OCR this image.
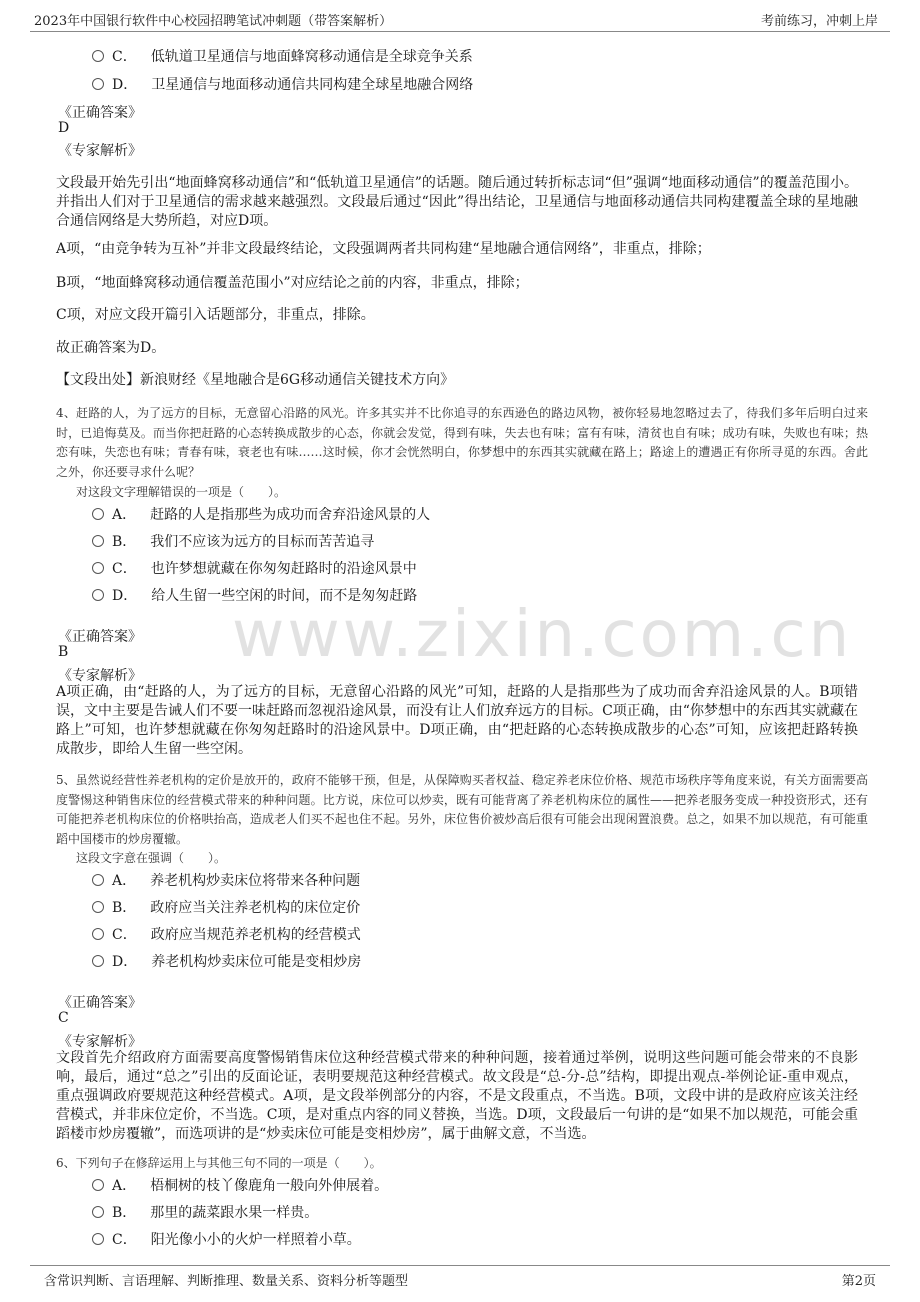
2023年中国银行软件中心校园招聘笔试冲刺题（带答案解析）	考前练习，冲刺上岸
www.zixin.com.cn
C． 低轨道卫星通信与地面蜂窝移动通信是全球竞争关系
D． 卫星通信与地面移动通信共同构建全球星地融合网络
《正确答案》
D
《专家解析》
文段最开始先引出“地面蜂窝移动通信”和“低轨道卫星通信”的话题。随后通过转折标志词“但”强调“地面移动通信”的覆盖范围小。并指出人们对于卫星通信的需求越来越强烈。文段最后通过“因此”得出结论，卫星通信与地面移动通信共同构建覆盖全球的星地融合通信网络是大势所趋，对应D项。
A项，“由竞争转为互补”并非文段最终结论，文段强调两者共同构建“星地融合通信网络”，非重点，排除；
B项，“地面蜂窝移动通信覆盖范围小”对应结论之前的内容，非重点，排除；
C项，对应文段开篇引入话题部分，非重点，排除。
故正确答案为D。
【文段出处】新浪财经《星地融合是6G移动通信关键技术方向》
4、赶路的人，为了远方的目标，无意留心沿路的风光。许多其实并不比你追寻的东西逊色的路边风物，被你轻易地忽略过去了，待我们多年后明白过来时，已追悔莫及。而当你把赶路的心态转换成散步的心态，你就会发觉，得到有味，失去也有味；富有有味，清贫也自有味；成功有味，失败也有味；热恋有味，失恋也有味；青春有味，衰老也有味……这时候，你才会恍然明白，你梦想中的东西其实就藏在路上；路途上的遭遇正有你所寻觅的东西。舍此之外，你还要寻求什么呢？
对这段文字理解错误的一项是（　　）。
A． 赶路的人是指那些为成功而舍弃沿途风景的人
B． 我们不应该为远方的目标而苦苦追寻
C． 也许梦想就藏在你匆匆赶路时的沿途风景中
D． 给人生留一些空闲的时间，而不是匆匆赶路
《正确答案》
B
《专家解析》
A项正确，由“赶路的人，为了远方的目标，无意留心沿路的风光”可知，赶路的人是指那些为了成功而舍弃沿途风景的人。B项错误，文中主要是告诫人们不要一味赶路而忽视沿途风景，而没有让人们放弃远方的目标。C项正确，由“你梦想中的东西其实就藏在路上”可知，也许梦想就藏在你匆匆赶路时的沿途风景中。D项正确，由“把赶路的心态转换成散步的心态”可知，应该把赶路转换成散步，即给人生留一些空闲。
5、虽然说经营性养老机构的定价是放开的，政府不能够干预，但是，从保障购买者权益、稳定养老床位价格、规范市场秩序等角度来说，有关方面需要高度警惕这种销售床位的经营模式带来的种种问题。比方说，床位可以炒卖，既有可能背离了养老机构床位的属性——把养老服务变成一种投资形式，还有可能把养老机构床位的价格哄抬高，造成老人们买不起也住不起。另外，床位售价被炒高后很有可能会出现闲置浪费。总之，如果不加以规范，有可能重蹈中国楼市的炒房覆辙。
这段文字意在强调（　　）。
A． 养老机构炒卖床位将带来各种问题
B． 政府应当关注养老机构的床位定价
C． 政府应当规范养老机构的经营模式
D． 养老机构炒卖床位可能是变相炒房
《正确答案》
C
《专家解析》
文段首先介绍政府方面需要高度警惕销售床位这种经营模式带来的种种问题，接着通过举例，说明这些问题可能会带来的不良影响，最后，通过“总之”引出的反面论证，表明要规范这种经营模式。故文段是“总-分-总”结构，即提出观点-举例论证-重申观点，重点强调政府要规范这种经营模式。A项，是文段举例部分的内容，不是文段重点，不当选。B项，文段中讲的是政府应该关注经营模式，并非床位定价，不当选。C项，是对重点内容的同义替换，当选。D项，文段最后一句讲的是“如果不加以规范，可能会重蹈楼市炒房覆辙”，而选项讲的是“炒卖床位可能是变相炒房”，属于曲解文意，不当选。
6、下列句子在修辞运用上与其他三句不同的一项是（　　）。
A． 梧桐树的枝丫像鹿角一般向外伸展着。
B． 那里的蔬菜跟水果一样贵。
C． 阳光像小小的火炉一样照着小草。
含常识判断、言语理解、判断推理、数量关系、资料分析等题型	第2页
